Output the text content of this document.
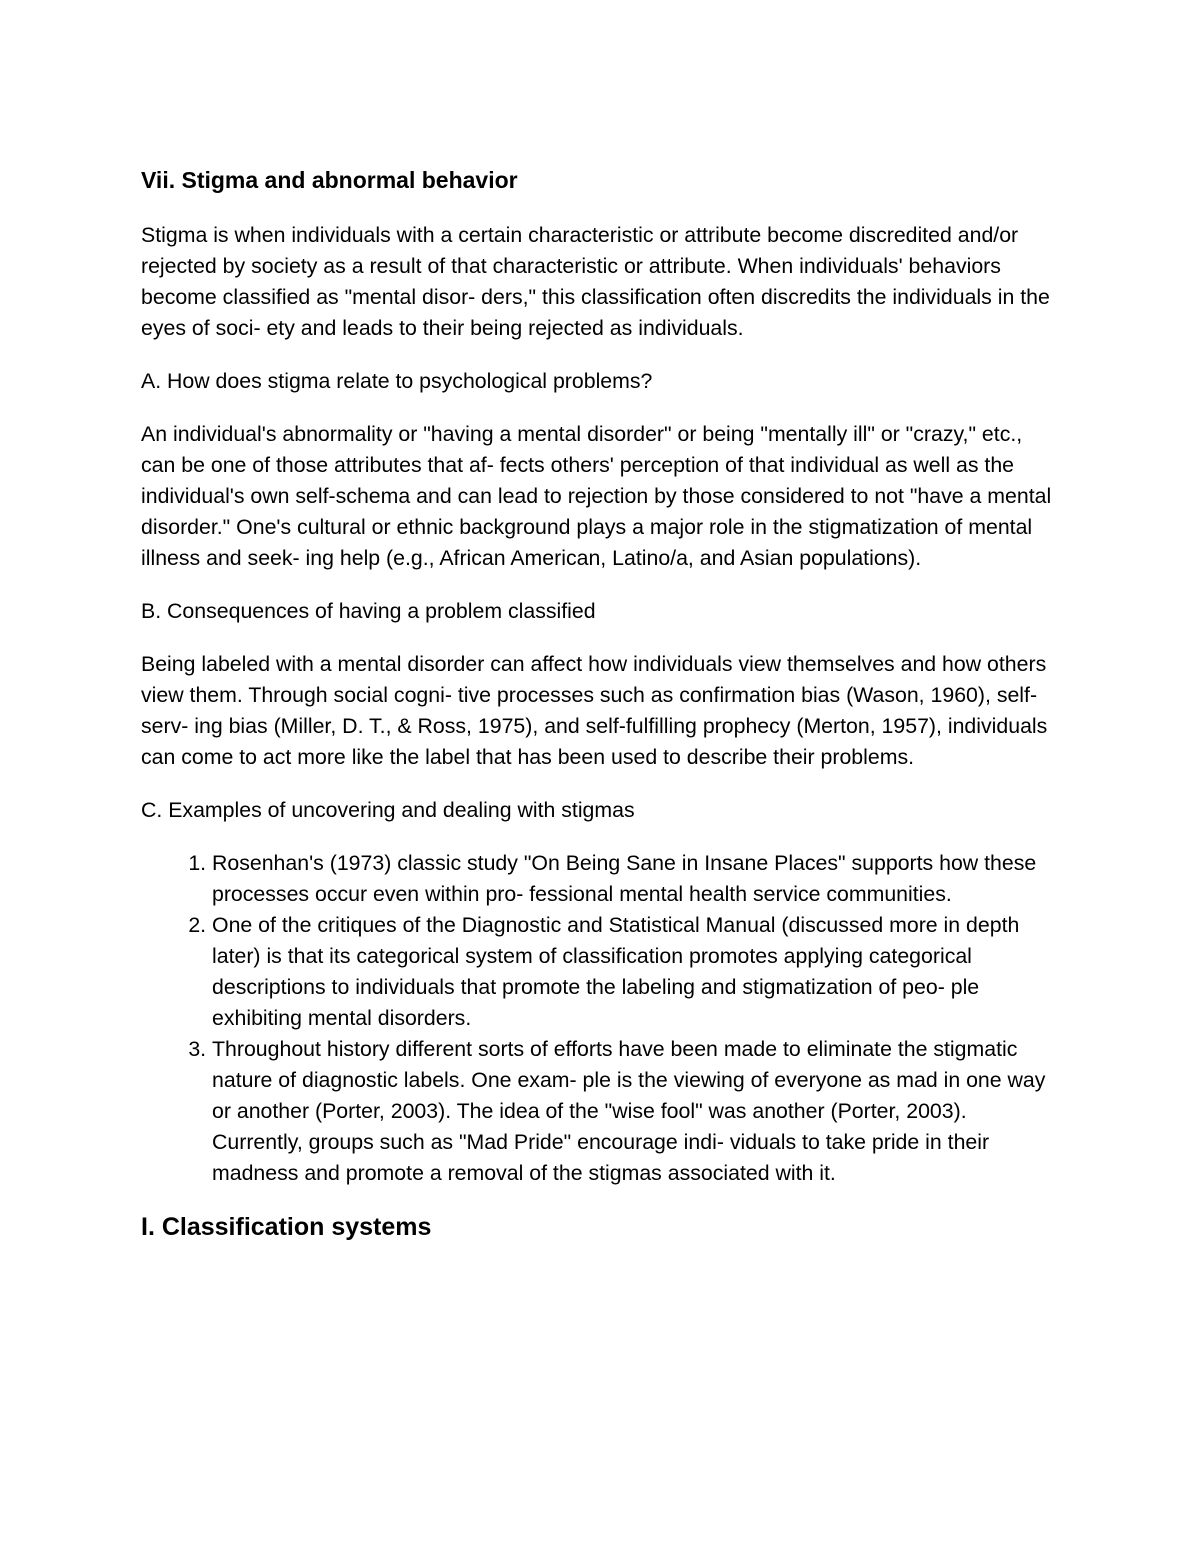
Vii. Stigma and abnormal behavior

Stigma is when individuals with a certain characteristic or attribute become discredited and/or rejected by society as a result of that characteristic or attribute. When individuals' behaviors become classified as "mental disor- ders," this classification often discredits the individuals in the eyes of soci- ety and leads to their being rejected as individuals.

A. How does stigma relate to psychological problems?

An individual's abnormality or "having a mental disorder" or being "mentally ill" or "crazy," etc., can be one of those attributes that af- fects others' perception of that individual as well as the individual's own self-schema and can lead to rejection by those considered to not "have a mental disorder." One's cultural or ethnic background plays a major role in the stigmatization of mental illness and seek- ing help (e.g., African American, Latino/a, and Asian populations).

B. Consequences of having a problem classified

Being labeled with a mental disorder can affect how individuals view themselves and how others view them. Through social cogni- tive processes such as confirmation bias (Wason, 1960), self-serv- ing bias (Miller, D. T., & Ross, 1975), and self-fulfilling prophecy (Merton, 1957), individuals can come to act more like the label that has been used to describe their problems.

C. Examples of uncovering and dealing with stigmas

1. Rosenhan's (1973) classic study "On Being Sane in Insane Places" supports how these processes occur even within pro- fessional mental health service communities.
2. One of the critiques of the Diagnostic and Statistical Manual (discussed more in depth later) is that its categorical system of classification promotes applying categorical descriptions to individuals that promote the labeling and stigmatization of peo- ple exhibiting mental disorders.
3. Throughout history different sorts of efforts have been made to eliminate the stigmatic nature of diagnostic labels. One exam- ple is the viewing of everyone as mad in one way or another (Porter, 2003). The idea of the "wise fool" was another (Porter, 2003). Currently, groups such as "Mad Pride" encourage indi- viduals to take pride in their madness and promote a removal of the stigmas associated with it.
I. Classification systems
